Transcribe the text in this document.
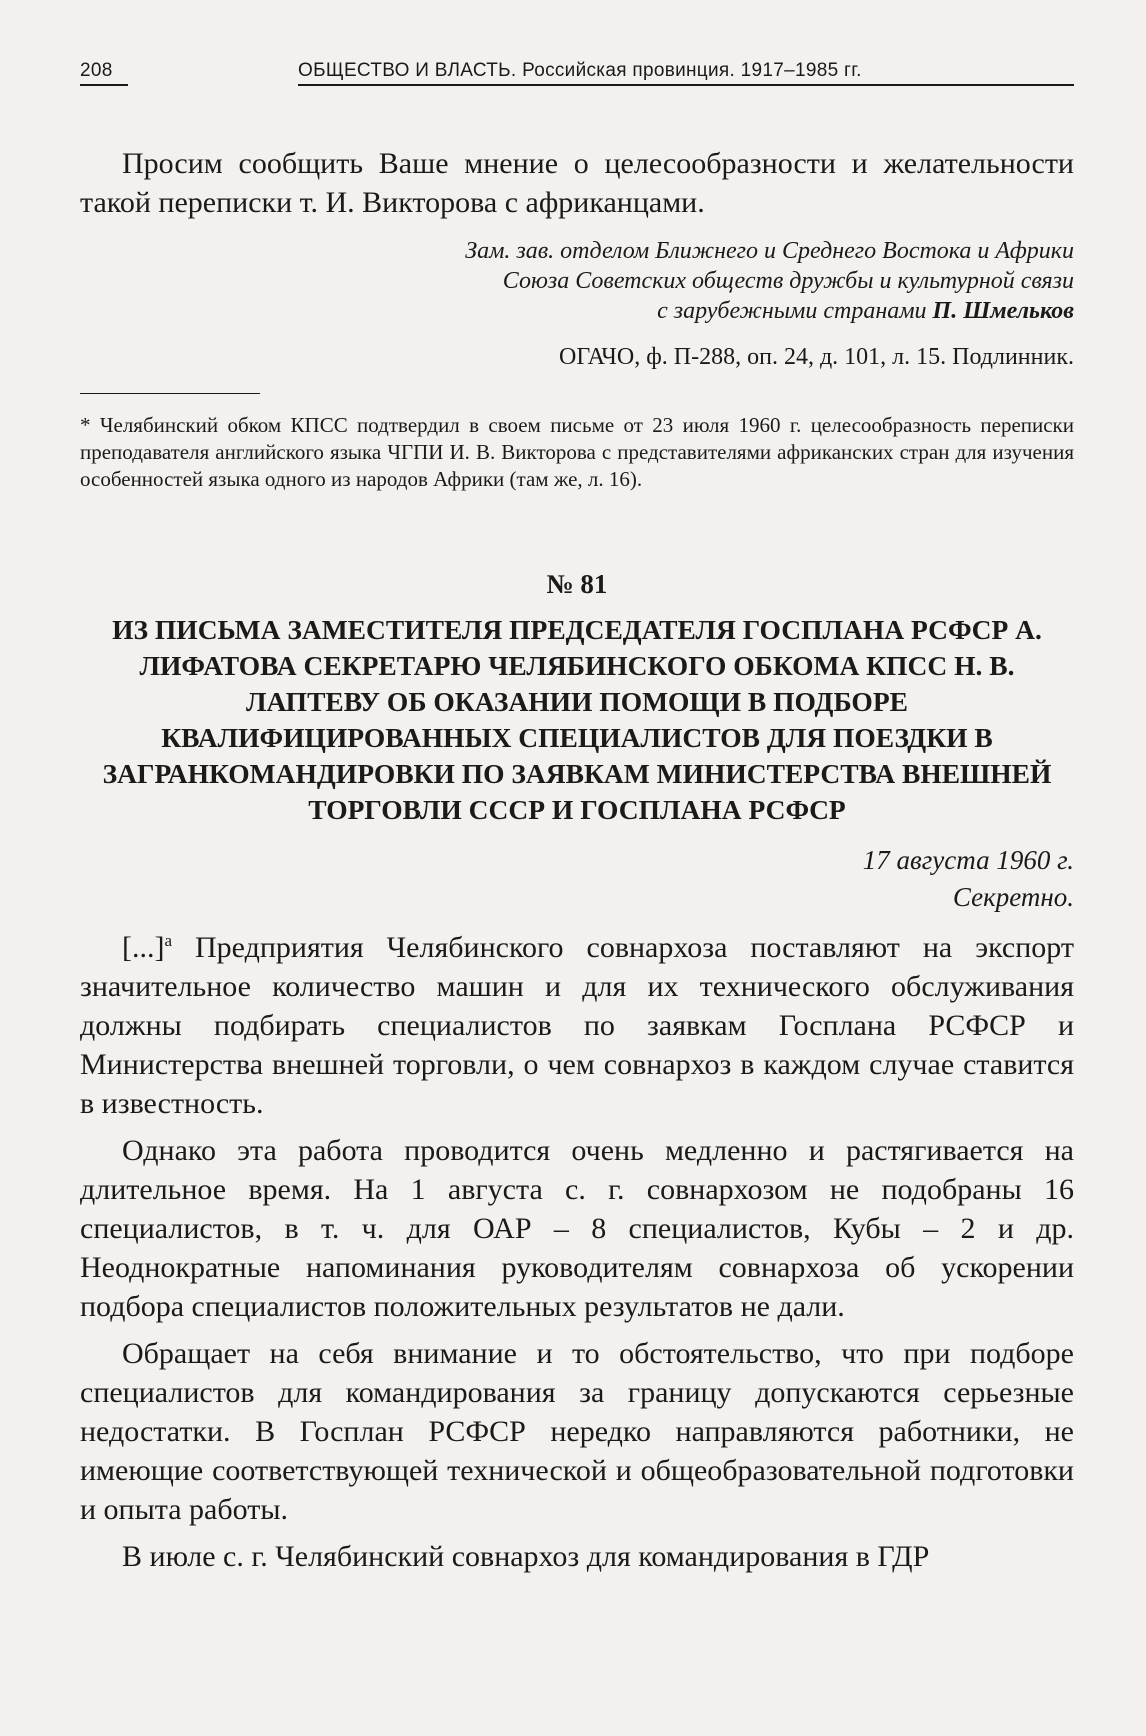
208	ОБЩЕСТВО И ВЛАСТЬ. Российская провинция. 1917–1985 гг.

Просим сообщить Ваше мнение о целесообразности и желательности такой переписки т. И. Викторова с африканцами.

Зам. зав. отделом Ближнего и Среднего Востока и Африки
Союза Советских обществ дружбы и культурной связи
с зарубежными странами П. Шмельков
ОГАЧО, ф. П-288, оп. 24, д. 101, л. 15. Подлинник.
* Челябинский обком КПСС подтвердил в своем письме от 23 июля 1960 г. целесообразность переписки преподавателя английского языка ЧГПИ И. В. Викторова с представителями африканских стран для изучения особенностей языка одного из народов Африки (там же, л. 16).
№ 81
ИЗ ПИСЬМА ЗАМЕСТИТЕЛЯ ПРЕДСЕДАТЕЛЯ ГОСПЛАНА РСФСР А. ЛИФАТОВА СЕКРЕТАРЮ ЧЕЛЯБИНСКОГО ОБКОМА КПСС Н. В. ЛАПТЕВУ ОБ ОКАЗАНИИ ПОМОЩИ В ПОДБОРЕ КВАЛИФИЦИРОВАННЫХ СПЕЦИАЛИСТОВ ДЛЯ ПОЕЗДКИ В ЗАГРАНКОМАНДИРОВКИ ПО ЗАЯВКАМ МИНИСТЕРСТВА ВНЕШНЕЙ ТОРГОВЛИ СССР И ГОСПЛАНА РСФСР
17 августа 1960 г.
Секретно.

[...]$^а$ Предприятия Челябинского совнархоза поставляют на экспорт значительное количество машин и для их технического обслуживания должны подбирать специалистов по заявкам Госплана РСФСР и Министерства внешней торговли, о чем совнархоз в каждом случае ставится в известность.

Однако эта работа проводится очень медленно и растягивается на длительное время. На 1 августа с. г. совнархозом не подобраны 16 специалистов, в т. ч. для ОАР – 8 специалистов, Кубы – 2 и др. Неоднократные напоминания руководителям совнархоза об ускорении подбора специалистов положительных результатов не дали.

Обращает на себя внимание и то обстоятельство, что при подборе специалистов для командирования за границу допускаются серьезные недостатки. В Госплан РСФСР нередко направляются работники, не имеющие соответствующей технической и общеобразовательной подготовки и опыта работы.

В июле с. г. Челябинский совнархоз для командирования в ГДР
